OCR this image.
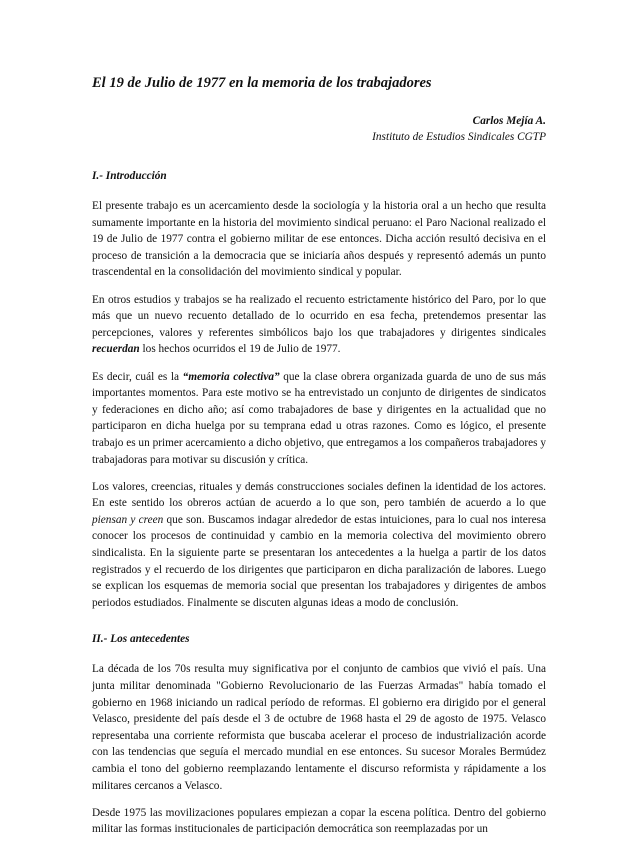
El 19 de Julio de 1977 en la memoria de los trabajadores
Carlos Mejía A.
Instituto de Estudios Sindicales CGTP
I.- Introducción

El presente trabajo es un acercamiento desde la sociología y la historia oral a un hecho que resulta sumamente importante en la historia del movimiento sindical peruano: el Paro Nacional realizado el 19 de Julio de 1977 contra el gobierno militar de ese entonces. Dicha acción resultó decisiva en el proceso de transición a la democracia que se iniciaría años después y representó además un punto trascendental en la consolidación del movimiento sindical y popular.

En otros estudios y trabajos se ha realizado el recuento estrictamente histórico del Paro, por lo que más que un nuevo recuento detallado de lo ocurrido en esa fecha, pretendemos presentar las percepciones, valores y referentes simbólicos bajo los que trabajadores y dirigentes sindicales recuerdan los hechos ocurridos el 19 de Julio de 1977.

Es decir, cuál es la “memoria colectiva” que la clase obrera organizada guarda de uno de sus más importantes momentos. Para este motivo se ha entrevistado un conjunto de dirigentes de sindicatos y federaciones en dicho año; así como trabajadores de base y dirigentes en la actualidad que no participaron en dicha huelga por su temprana edad u otras razones. Como es lógico, el presente trabajo es un primer acercamiento a dicho objetivo, que entregamos a los compañeros trabajadores y trabajadoras para motivar su discusión y crítica.

Los valores, creencias, rituales y demás construcciones sociales definen la identidad de los actores. En este sentido los obreros actúan de acuerdo a lo que son, pero también de acuerdo a lo que piensan y creen que son. Buscamos indagar alrededor de estas intuiciones, para lo cual nos interesa conocer los procesos de continuidad y cambio en la memoria colectiva del movimiento obrero sindicalista. En la siguiente parte se presentaran los antecedentes a la huelga a partir de los datos registrados y el recuerdo de los dirigentes que participaron en dicha paralización de labores. Luego se explican los esquemas de memoria social que presentan los trabajadores y dirigentes de ambos periodos estudiados. Finalmente se discuten algunas ideas a modo de conclusión.

II.- Los antecedentes

La década de los 70s resulta muy significativa por el conjunto de cambios que vivió el país. Una junta militar denominada "Gobierno Revolucionario de las Fuerzas Armadas" había tomado el gobierno en 1968 iniciando un radical período de reformas. El gobierno era dirigido por el general Velasco, presidente del país desde el 3 de octubre de 1968 hasta el 29 de agosto de 1975. Velasco representaba una corriente reformista que buscaba acelerar el proceso de industrialización acorde con las tendencias que seguía el mercado mundial en ese entonces. Su sucesor Morales Bermúdez cambia el tono del gobierno reemplazando lentamente el discurso reformista y rápidamente a los militares cercanos a Velasco.

Desde 1975 las movilizaciones populares empiezan a copar la escena política. Dentro del gobierno militar las formas institucionales de participación democrática son reemplazadas por un
